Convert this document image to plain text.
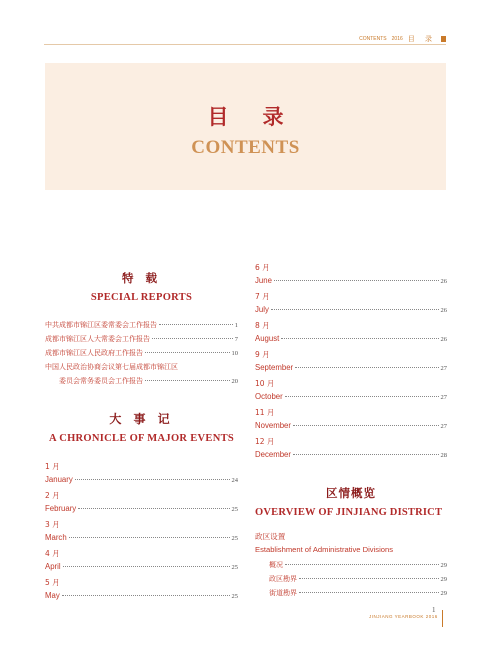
CONTENTS 2016 目 录
目录
CONTENTS
特 载
SPECIAL REPORTS
中共成都市锦江区委常委会工作报告	1
成都市锦江区人大常委会工作报告	7
成都市锦江区人民政府工作报告	10
中国人民政治协商会议第七届成都市锦江区
委员会常务委员会工作报告	20
大 事 记
A CHRONICLE OF MAJOR EVENTS
1 月
January	24
2 月
February	25
3 月
March	25
4 月
April	25
5 月
May	25
6 月
June	26
7 月
July	26
8 月
August	26
9 月
September	27
10 月
October	27
11 月
November	27
12 月
December	28
区情概览
OVERVIEW OF JINJIANG DISTRICT
政区设置
Establishment of Administrative Divisions
概况	29
政区勘界	29
街道勘界	29
1
JINJIANG YEARBOOK 2016
